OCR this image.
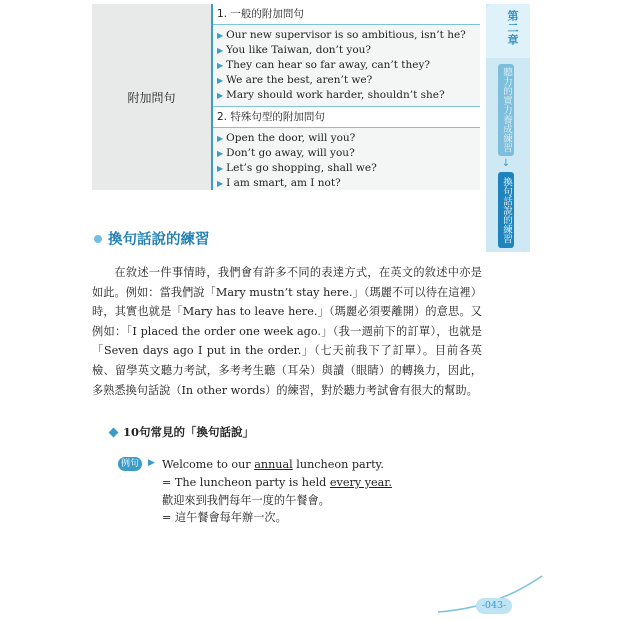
附加問句
1. 一般的附加問句
▶ Our new supervisor is so ambitious, isn’t he?
▶ You like Taiwan, don’t you?
▶ They can hear so far away, can’t they?
▶ We are the best, aren’t we?
▶ Mary should work harder, shouldn’t she?
2. 特殊句型的附加問句
▶ Open the door, will you?
▶ Don’t go away, will you?
▶ Let’s go shopping, shall we?
▶ I am smart, am I not?
第二章
聽力的實力養成練習
↓
換句話說的練習
換句話說的練習

在敘述一件事情時，我們會有許多不同的表達方式，在英文的敘述中亦是如此。例如：當我們說「Mary mustn’t stay here.」（瑪麗不可以待在這裡）時，其實也就是「Mary has to leave here.」（瑪麗必須要離開）的意思。又例如：「I placed the order one week ago.」（我一週前下的訂單），也就是「Seven days ago I put in the order.」（七天前我下了訂單）。目前各英檢、留學英文聽力考試，多考考生聽（耳朵）與讀（眼睛）的轉換力，因此，多熟悉換句話說（In other words）的練習，對於聽力考試會有很大的幫助。

10句常見的「換句話說」
例句	▶ Welcome to our annual luncheon party.
= The luncheon party is held every year.
歡迎來到我們每年一度的午餐會。
= 這午餐會每年辦一次。
-043-
